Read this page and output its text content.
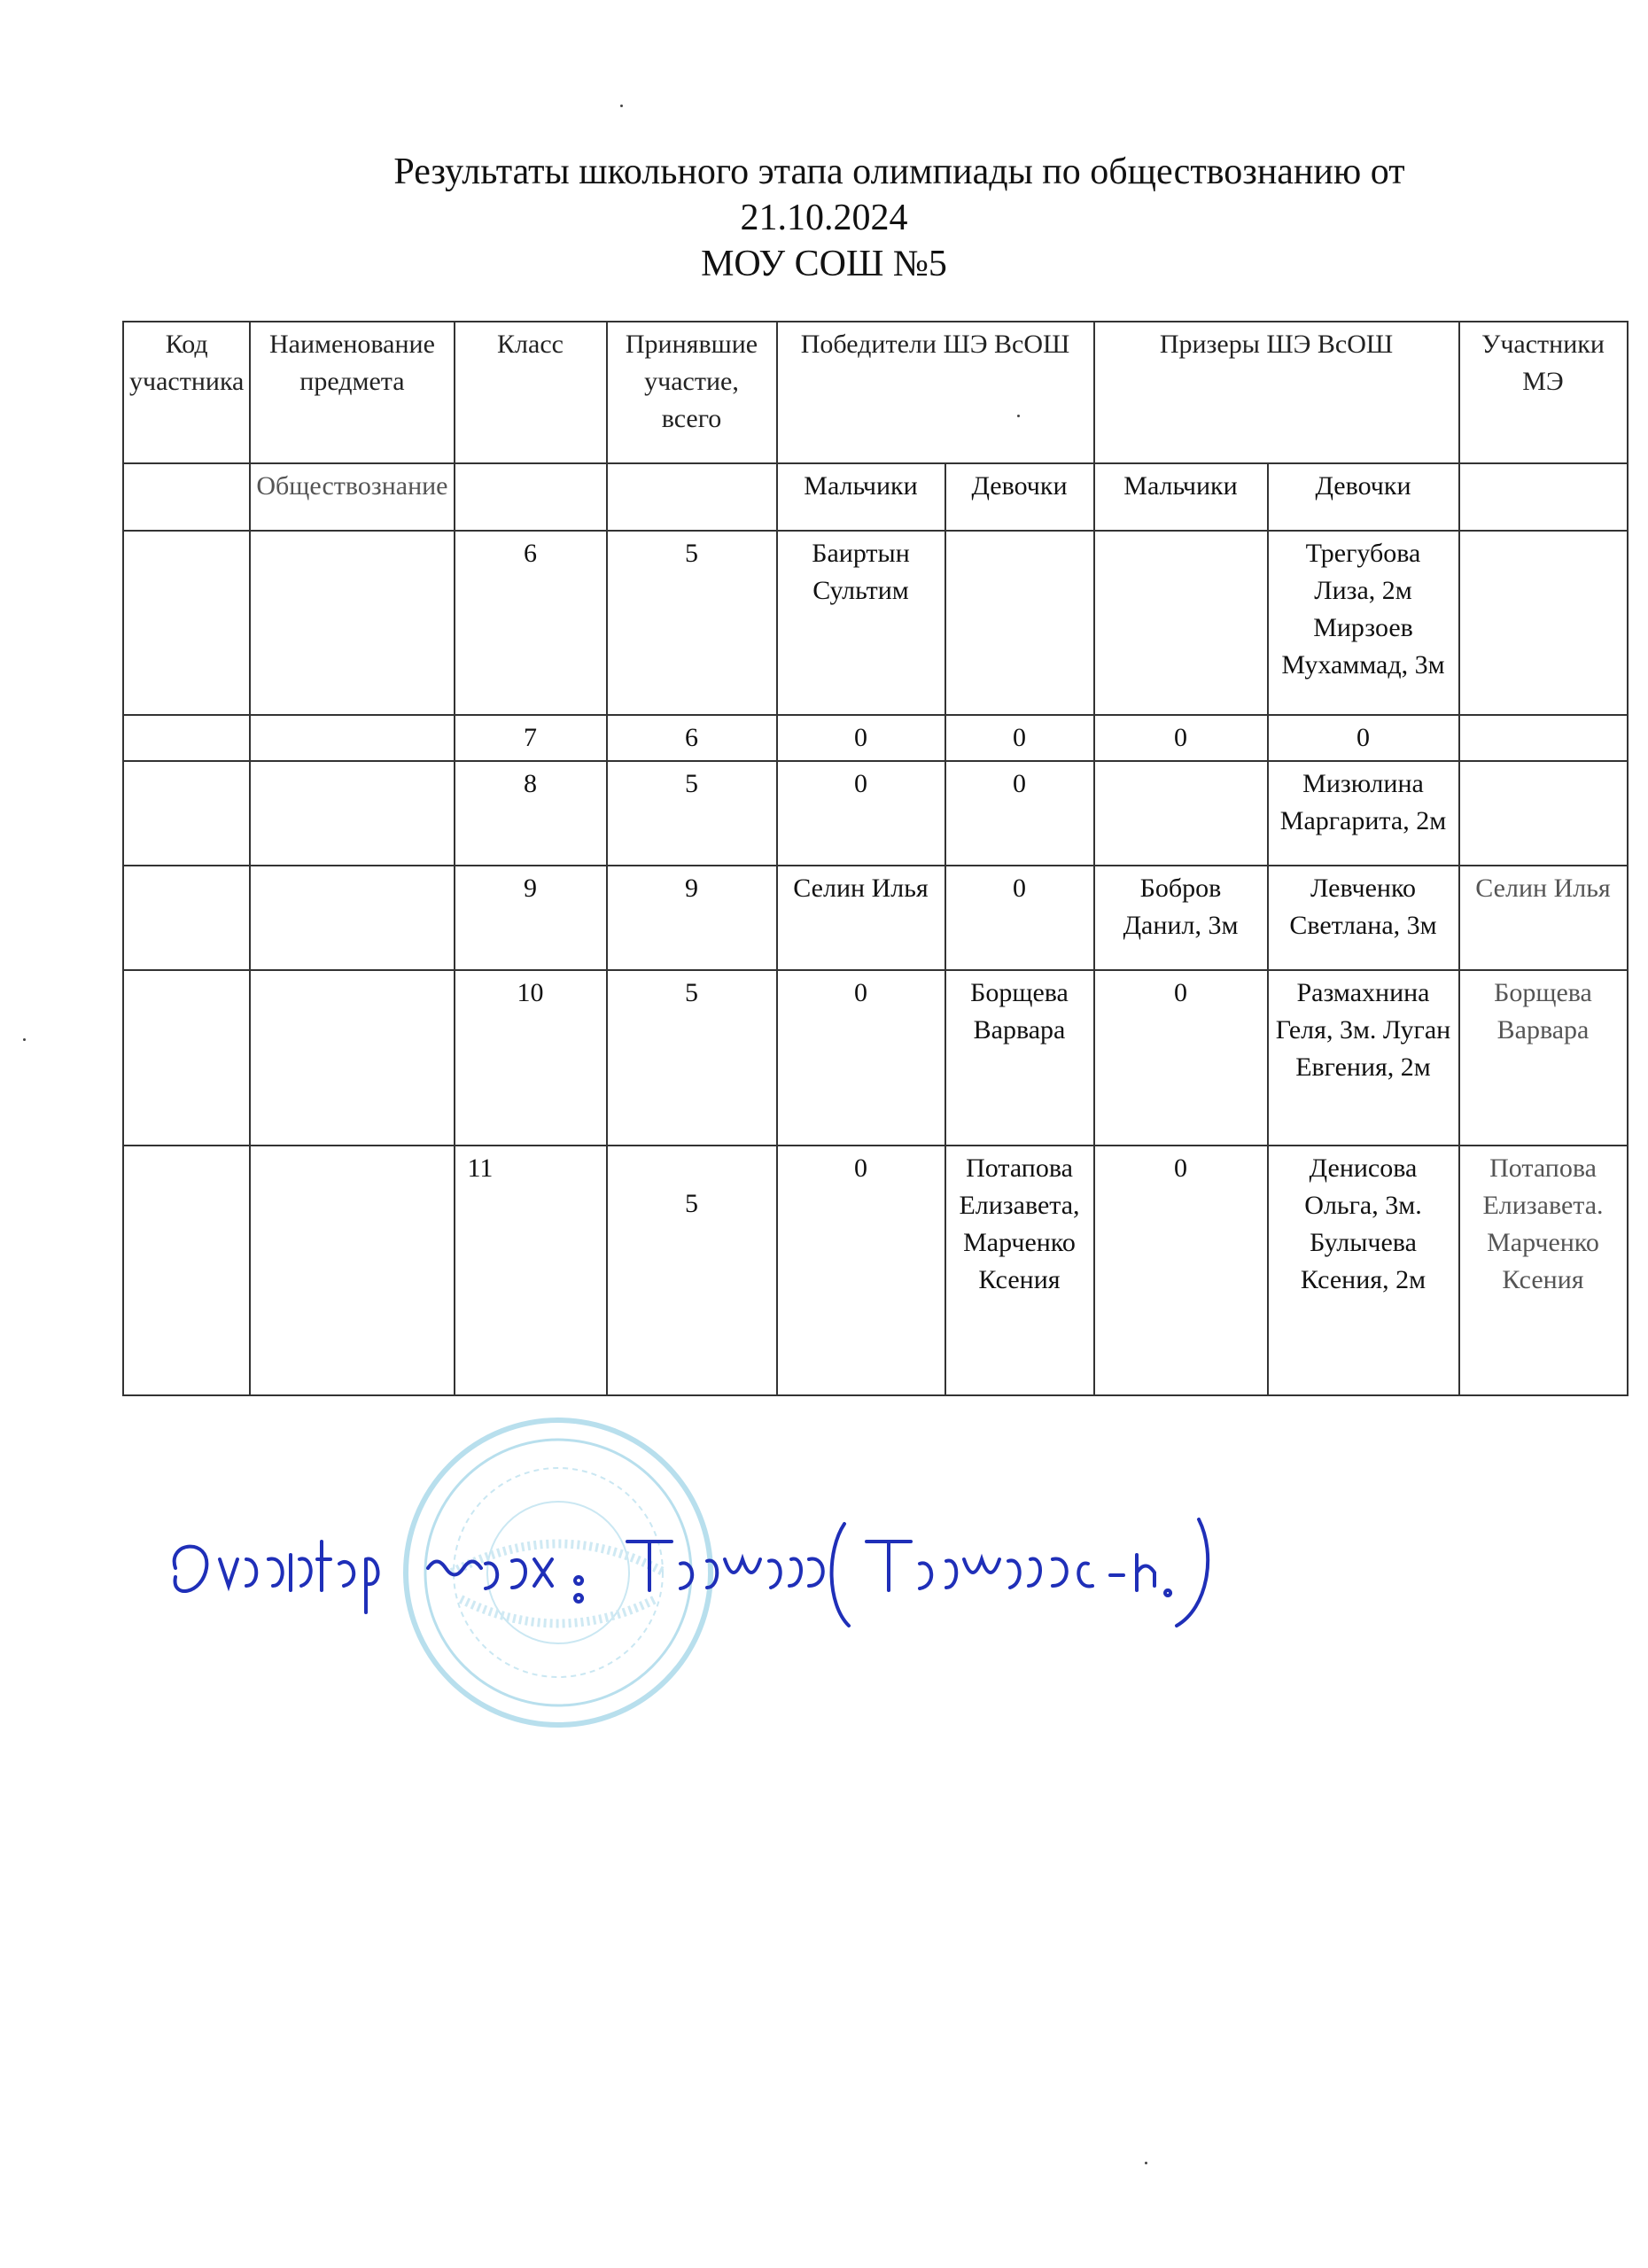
Результаты школьного этапа олимпиады по обществознанию от
21.10.2024
МОУ СОШ №5
Код участника	Наименование предмета	Класс	Принявшие участие, всего	Победители ШЭ ВсОШ		Призеры ШЭ ВсОШ		Участники МЭ
	Обществознание			Мальчики	Девочки	Мальчики	Девочки	
		6	5	Баиртын Сультим			Трегубова Лиза, 2м Мирзоев Мухаммад, 3м	
		7	6	0	0	0	0	
		8	5	0	0		Мизюлина Маргарита, 2м	
		9	9	Селин Илья	0	Бобров Данил, 3м	Левченко Светлана, 3м	Селин Илья
		10	5	0	Борщева Варвара	0	Размахнина Геля, 3м. Луган Евгения, 2м	Борщева Варвара
		11	5	0	Потапова Елизавета, Марченко Ксения	0	Денисова Ольга, 3м. Булычева Ксения, 2м	Потапова Елизавета. Марченко Ксения
Директор школы: Горяшина (Горяшина С.Ш.)
